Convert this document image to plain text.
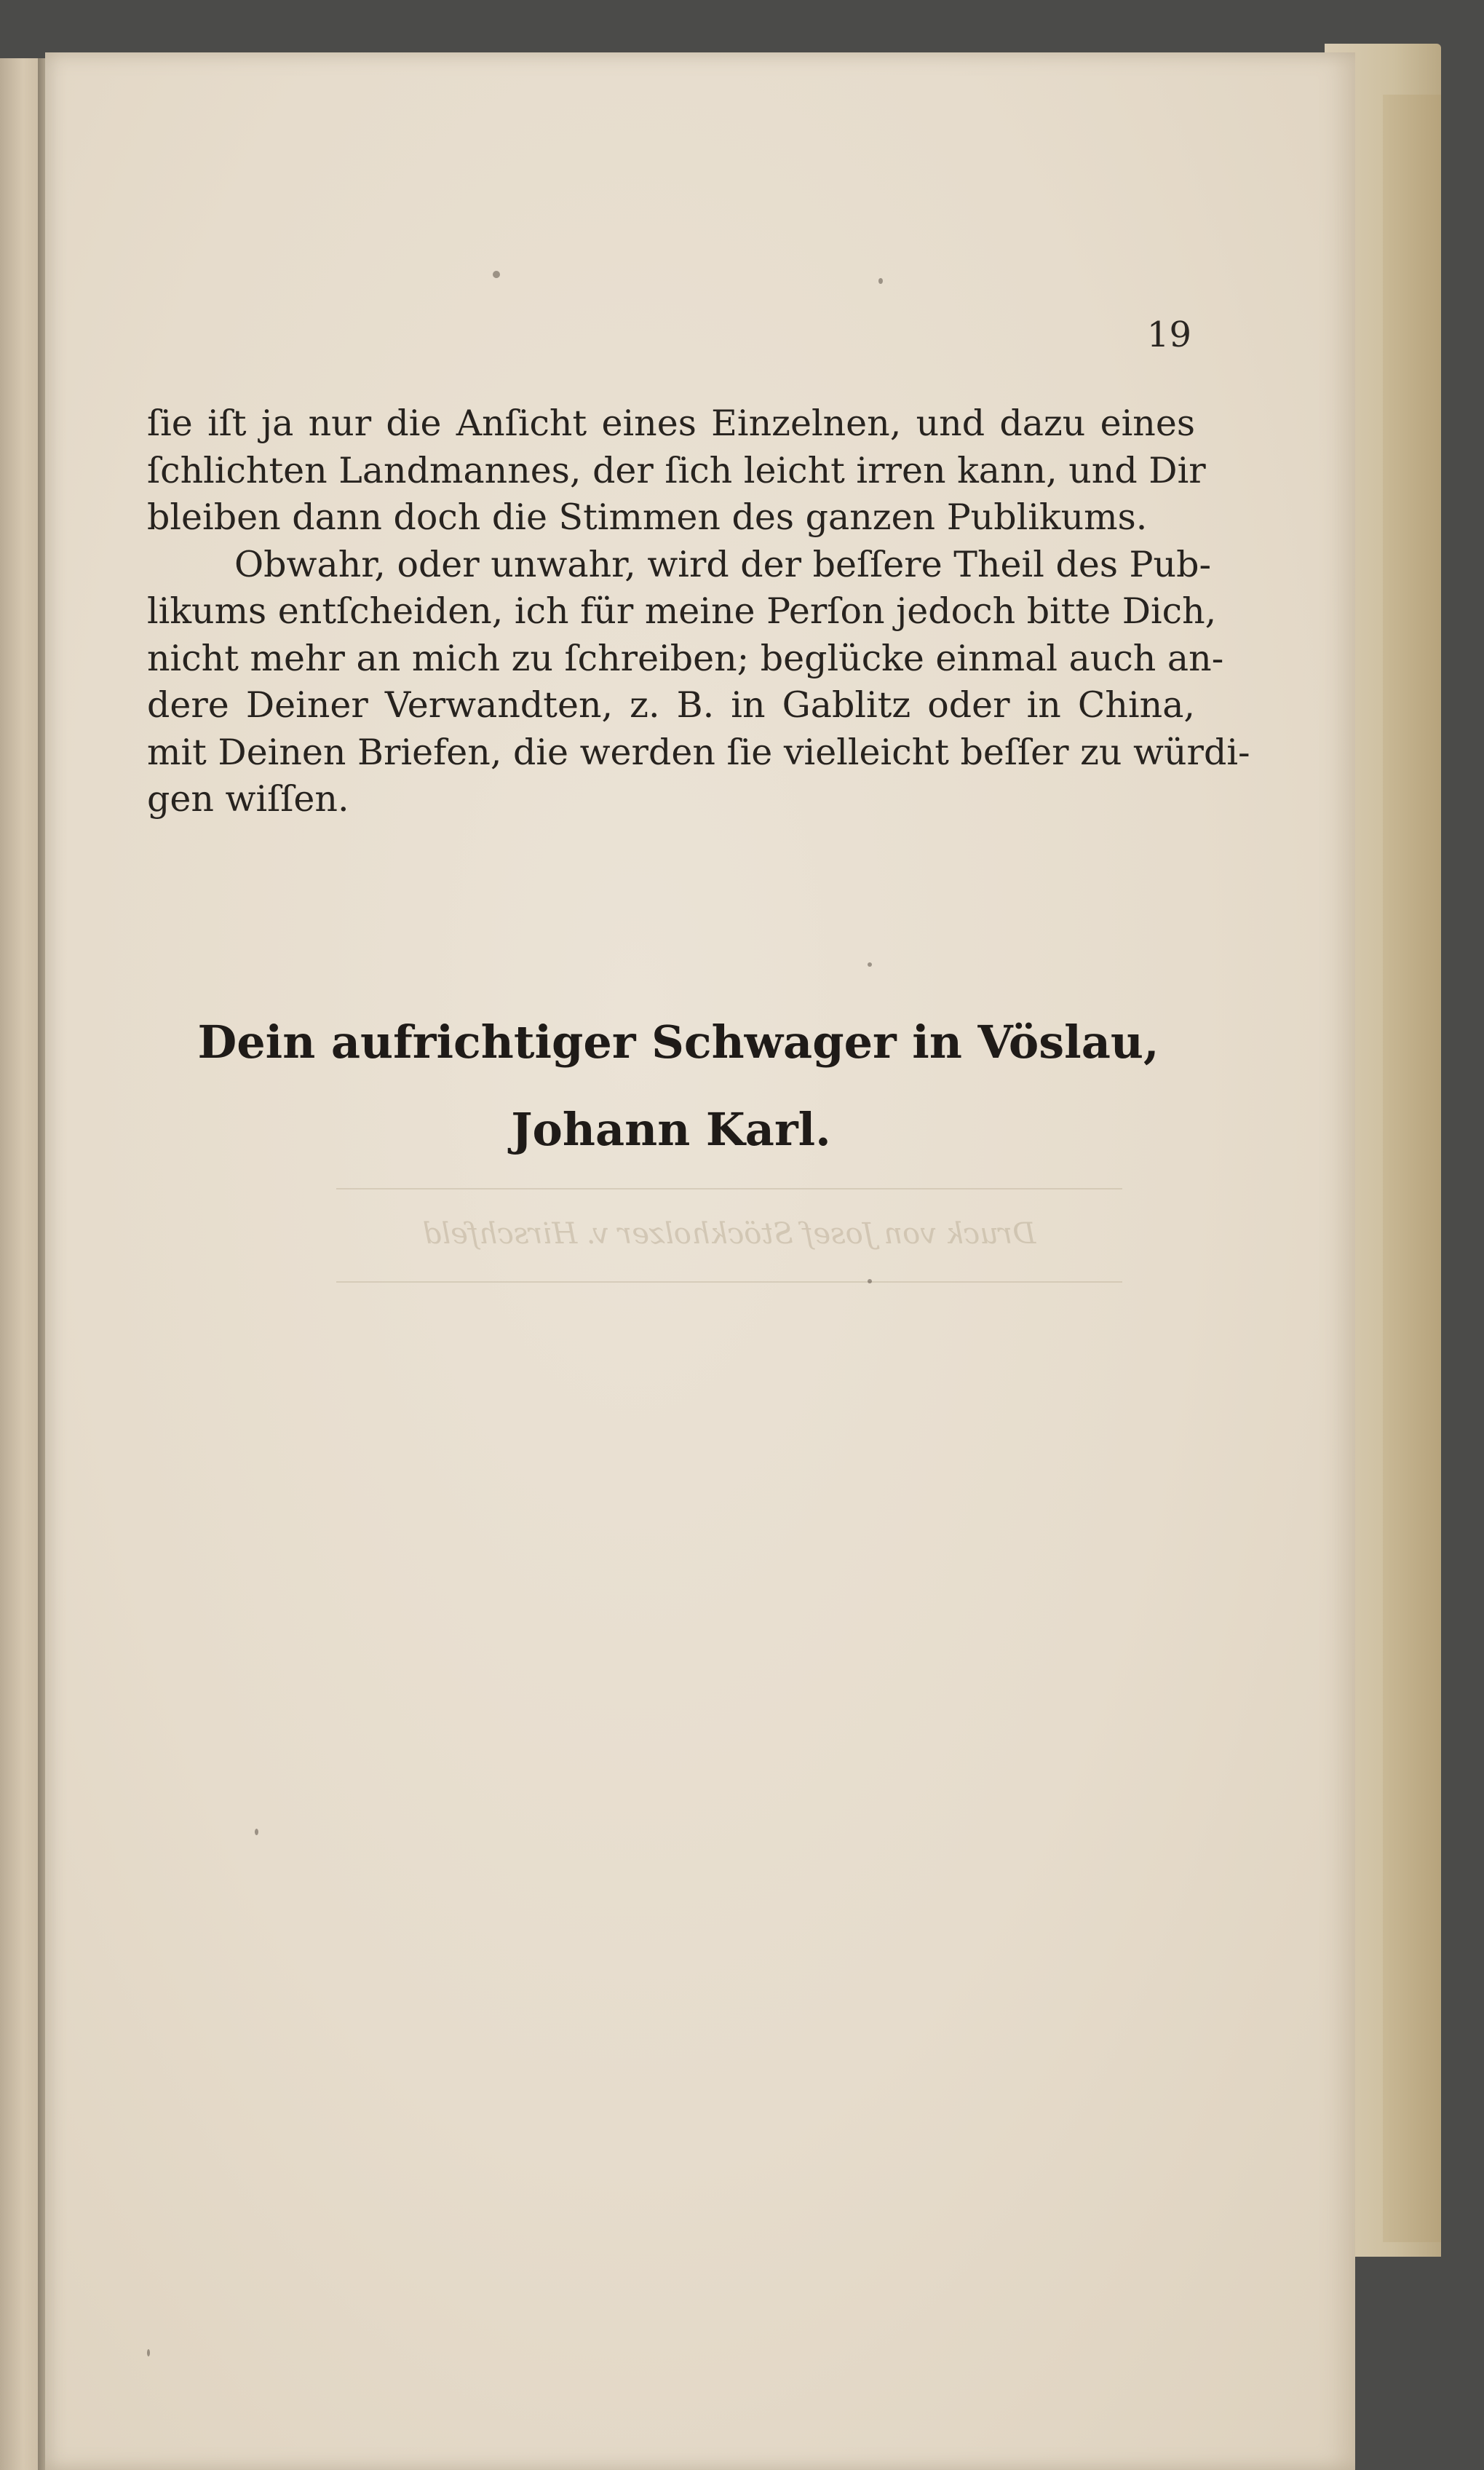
19
ſie iſt ja nur die Anſicht eines Einzelnen, und dazu eines
ſchlichten Landmannes, der ſich leicht irren kann, und Dir
bleiben dann doch die Stimmen des ganzen Publikums.
Obwahr, oder unwahr, wird der beſſere Theil des Pub-
likums entſcheiden, ich für meine Perſon jedoch bitte Dich,
nicht mehr an mich zu ſchreiben; beglücke einmal auch an-
dere Deiner Verwandten, z. B. in Gablitz oder in China,
mit Deinen Briefen, die werden ſie vielleicht beſſer zu würdi-
gen wiſſen.
Dein aufrichtiger Schwager in Vöslau,
Johann Karl.
Druck von Josef Stöckholzer v. Hirschfeld
